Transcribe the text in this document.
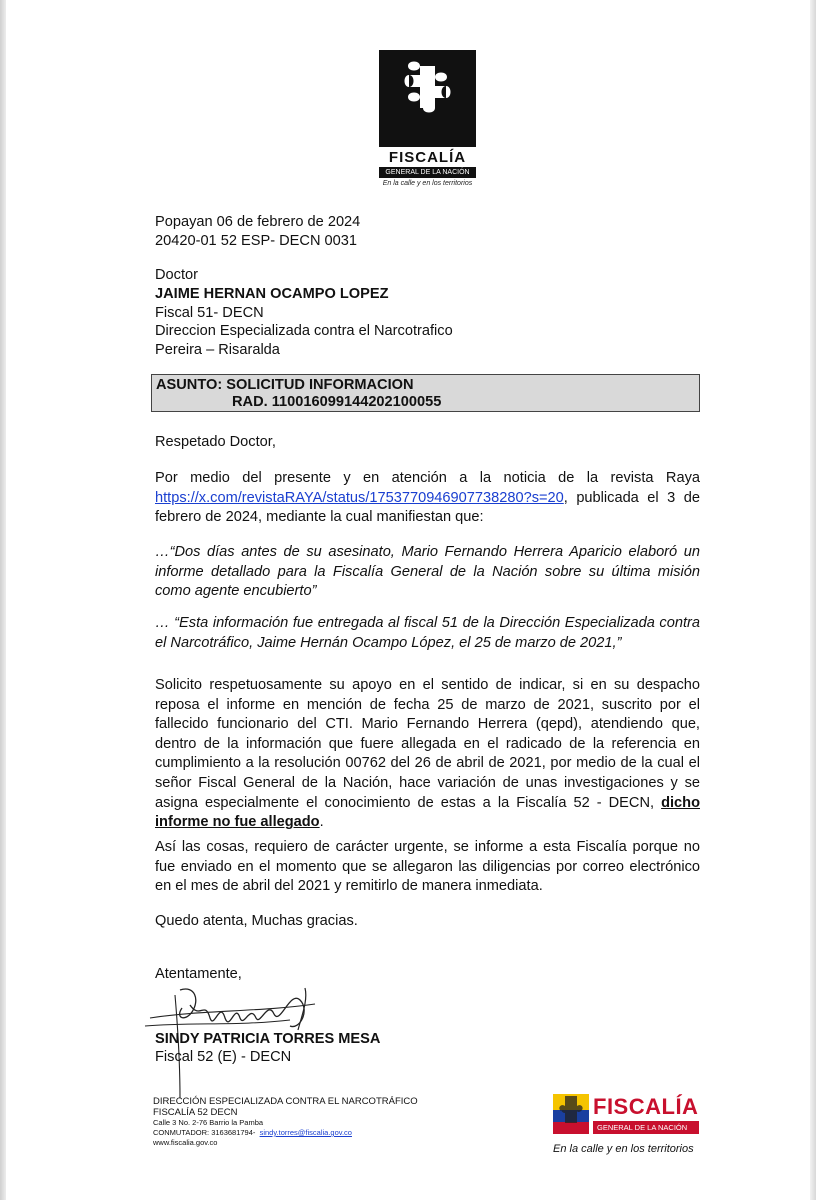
FISCALÍA
GENERAL DE LA NACIÓN
En la calle y en los territorios
Popayan 06 de febrero de 2024
20420-01 52 ESP- DECN 0031
Doctor
JAIME HERNAN OCAMPO LOPEZ
Fiscal 51- DECN
Direccion Especializada contra el Narcotrafico
Pereira – Risaralda
ASUNTO: SOLICITUD INFORMACION
RAD. 110016099144202100055
Respetado Doctor,
Por medio del presente y en atención a la noticia de la revista Raya https://x.com/revistaRAYA/status/1753770946907738280?s=20, publicada el 3 de febrero de 2024, mediante la cual manifiestan que:
…“Dos días antes de su asesinato, Mario Fernando Herrera Aparicio elaboró un informe detallado para la Fiscalía General de la Nación sobre su última misión como agente encubierto”
… “Esta información fue entregada al fiscal 51 de la Dirección Especializada contra el Narcotráfico, Jaime Hernán Ocampo López, el 25 de marzo de 2021,”
Solicito respetuosamente su apoyo en el sentido de indicar, si en su despacho reposa el informe en mención de fecha 25 de marzo de 2021, suscrito por el fallecido funcionario del CTI. Mario Fernando Herrera (qepd), atendiendo que, dentro de la información que fuere allegada en el radicado de la referencia en cumplimiento a la resolución 00762 del 26 de abril de 2021, por medio de la cual el señor Fiscal General de la Nación, hace variación de unas investigaciones y se asigna especialmente el conocimiento de estas a la Fiscalía 52 - DECN, dicho informe no fue allegado.
Así las cosas, requiero de carácter urgente, se informe a esta Fiscalía porque no fue enviado en el momento que se allegaron las diligencias por correo electrónico en el mes de abril del 2021 y remitirlo de manera inmediata.
Quedo atenta, Muchas gracias.
Atentamente,
SINDY PATRICIA TORRES MESA
Fiscal 52 (E) - DECN
DIRECCIÓN ESPECIALIZADA CONTRA EL NARCOTRÁFICO
FISCALÍA 52 DECN
Calle 3 No. 2-76 Barrio la Pamba
CONMUTADOR: 3163681794- sindy.torres@fiscalia.gov.co
www.fiscalia.gov.co
FISCALÍA
GENERAL DE LA NACIÓN
En la calle y en los territorios
